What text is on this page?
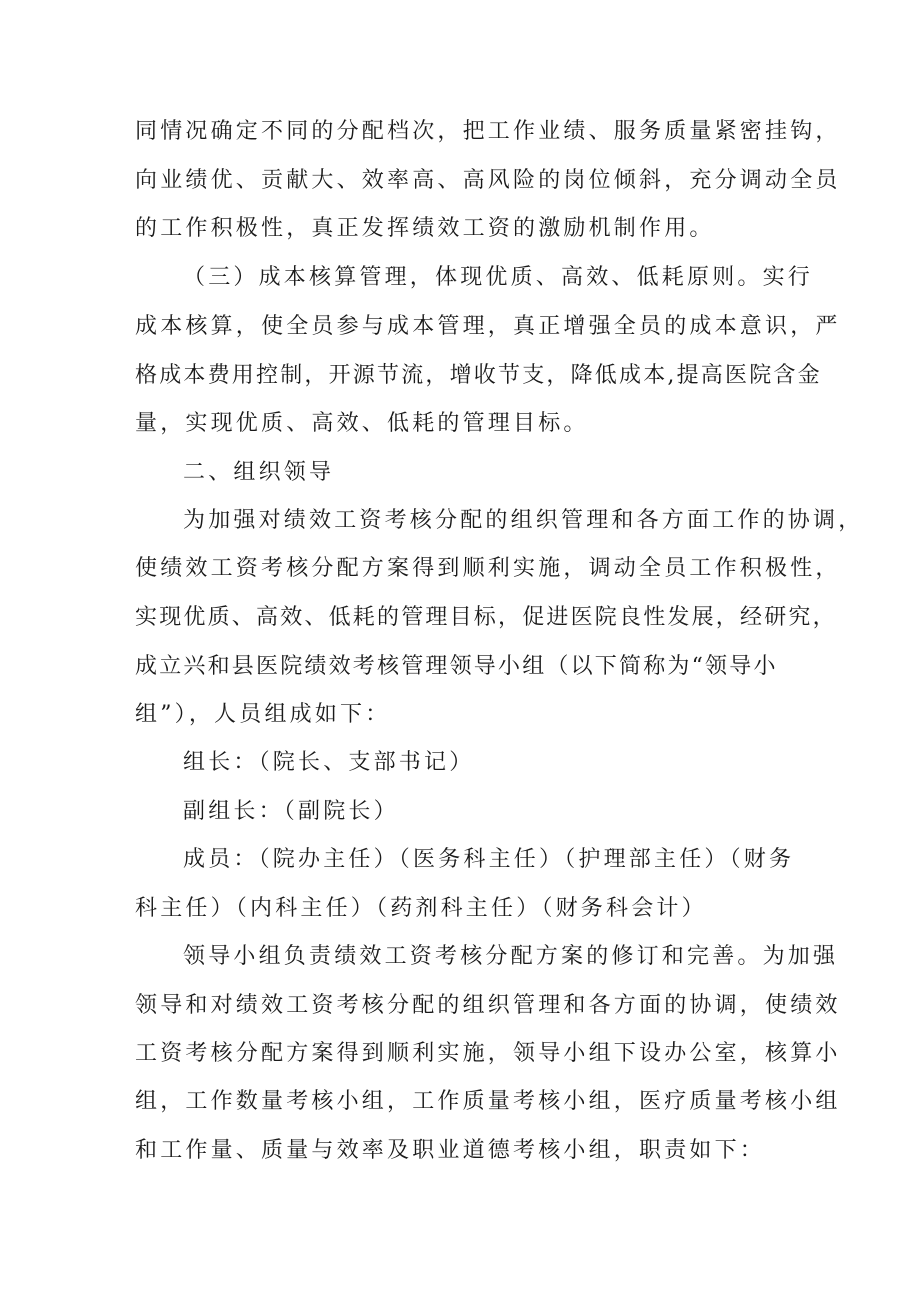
同情况确定不同的分配档次，把工作业绩、服务质量紧密挂钩，
向业绩优、贡献大、效率高、高风险的岗位倾斜，充分调动全员
的工作积极性，真正发挥绩效工资的激励机制作用。
（三）成本核算管理，体现优质、高效、低耗原则。实行
成本核算，使全员参与成本管理，真正增强全员的成本意识，严
格成本费用控制，开源节流，增收节支，降低成本,提高医院含金
量，实现优质、高效、低耗的管理目标。
二、组织领导
为加强对绩效工资考核分配的组织管理和各方面工作的协调，
使绩效工资考核分配方案得到顺利实施，调动全员工作积极性，
实现优质、高效、低耗的管理目标，促进医院良性发展，经研究，
成立兴和县医院绩效考核管理领导小组（以下简称为“领导小
组”），人员组成如下：
组长：（院长、支部书记）
副组长：（副院长）
成员：（院办主任）（医务科主任）（护理部主任）（财务
科主任）（内科主任）（药剂科主任）（财务科会计）
领导小组负责绩效工资考核分配方案的修订和完善。为加强
领导和对绩效工资考核分配的组织管理和各方面的协调，使绩效
工资考核分配方案得到顺利实施，领导小组下设办公室，核算小
组，工作数量考核小组，工作质量考核小组，医疗质量考核小组
和工作量、质量与效率及职业道德考核小组，职责如下：
